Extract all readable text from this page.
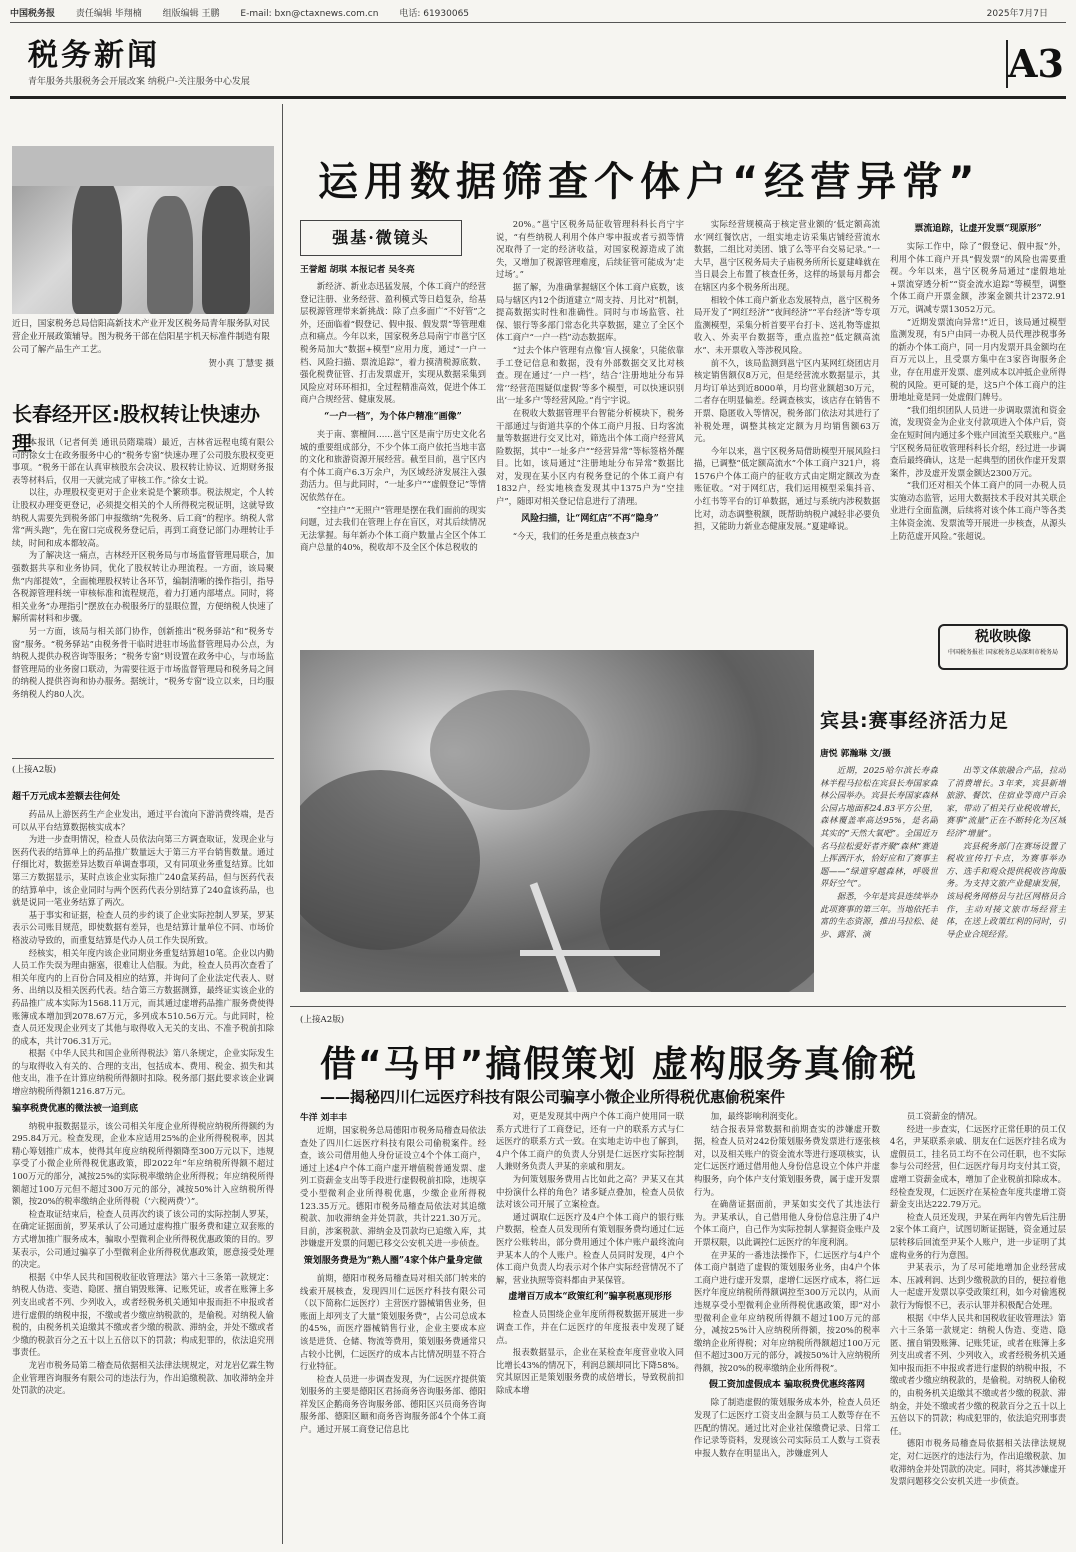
中国税务报 责任编辑 毕翔楠 组版编辑 王鹏 E-mail: bxn@ctaxnews.com.cn 电话: 61930065	2025年7月7日
税务新闻
青年服务共服税务会开展改案 纳税户-关注服务中心发展	A3
近日，国家税务总局信阳高新技术产业开发区税务局青年服务队对民营企业开展政策辅导。图为税务干部在信阳星宇机天标准件制造有限公司了解产品生产工艺。
贺小真 丁慧雯 摄
长春经开区:股权转让快速办理

本报讯（记者何美 通讯员隋瑞瑞）最近，吉林省远程电缆有限公司的徐女士在政务服务中心的“税务专窗”快速办理了公司股东股权变更事项。“税务干部在认真审核股东会决议、股权转让协议、近期财务报表等材料后，仅用一天就完成了审核工作。”徐女士说。

以往，办理股权变更对于企业来说是个繁琐事。税法规定，个人转让股权办理变更登记，必须提交相关的个人所得税完税证明，这就导致纳税人需要先到税务部门申报缴纳“先税务、后工商”的程序。纳税人常常“两头跑”，先在窗口完成税务登记后，再到工商登记部门办理转让手续，时间和成本都较高。

为了解决这一痛点，吉林经开区税务局与市场监督管理局联合，加强数据共享和业务协同，优化了股权转让办理流程。一方面，该局聚焦“内部提效”，全面梳理股权转让各环节，编制清晰的操作指引，指导各税源管理科统一审核标准和流程规范，着力打通内部堵点。同时，将相关业务“办理指引”摆放在办税服务厅的显眼位置，方便纳税人快速了解所需材料和步骤。

另一方面，该局与相关部门协作，创新推出“税务驿站”和“税务专窗”服务。“税务驿站”由税务骨干临时进驻市场监督管理局办公点，为纳税人提供办税咨询等服务；“税务专窗”则设置在政务中心，与市场监督管理局的业务窗口联动，为需要往返于市场监督管理局和税务局之间的纳税人提供咨询和协办服务。据统计，“税务专窗”设立以来，日均服务纳税人约80人次。

(上接A2版)
超千万元成本差额去往何处

药品从上游医药生产企业发出，通过平台流向下游消费终端，是否可以从平台结算数据核实成本？

为进一步查明情况，检查人员依法向第三方调查取证，发现企业与医药代表的结算单上的药品推广数量远大于第三方平台销售数量。通过仔细比对，数据差异达数百单调查事项，又有同项业务重复结算。比如第三方数据显示，某时点该企业实际推广240盒某药品，但与医药代表的结算单中，该企业同时与两个医药代表分别结算了240盒该药品，也就是说同一笔业务结算了两次。

基于事实和证据，检查人员约步约谈了企业实际控制人罗某，罗某表示公司账目规范，即使数据有差异，也是结算计量单位不同、市场价格波动导致的，而重复结算是代办人员工作失误所致。

经核实，相关年度内该企业同期业务重复结算超10笔。企业以内勤人员工作失误为理由搪塞，很难让人信服。为此，检查人员再次查看了相关年度内的上百份合同及相应的结算，并询问了企业法定代表人、财务、出纳以及相关医药代表。结合第三方数据测算，最终证实该企业的药品推广成本实际为1568.11万元，而其通过虚增药品推广服务费使得账簿成本增加到2078.67万元，多列成本510.56万元。与此同时，检查人员还发现企业列支了其他与取得收入无关的支出、不准予税前扣除的成本，共计706.31万元。

根据《中华人民共和国企业所得税法》第八条规定，企业实际发生的与取得收入有关的、合理的支出，包括成本、费用、税金、损失和其他支出，准予在计算应纳税所得额时扣除。税务部门据此要求该企业调增应纳税所得额1216.87万元。

骗享税费优惠的微法被一追到底

纳税申报数据显示，该公司相关年度企业所得税应纳税所得额约为295.84万元。检查发现，企业本应适用25%的企业所得税税率，因其精心筹划推广成本，使得其年度应纳税所得额降至300万元以下，违规享受了小微企业所得税优惠政策，即2022年“年应纳税所得额不超过100万元的部分，减按25%的实际税率缴纳企业所得税；年应纳税所得额超过100万元但不超过300万元的部分，减按50%计入应纳税所得额，按20%的税率缴纳企业所得税（‘六税两费’）”。

检查取证结束后，检查人员再次约谈了该公司的实际控制人罗某，在确定证据面前，罗某承认了公司通过虚构推广服务费和建立双套账的方式增加推广服务成本，骗取小型微利企业所得税优惠政策的目的。罗某表示，公司通过骗享了小型微利企业所得税优惠政策，愿意接受处理的决定。

根据《中华人民共和国税收征收管理法》第六十三条第一款规定：纳税人伪造、变造、隐匿、擅自销毁账簿、记账凭证，或者在账簿上多列支出或者不列、少列收入，或者经税务机关通知申报而拒不申报或者进行虚假的纳税申报，不缴或者少缴应纳税款的，是偷税。对纳税人偷税的，由税务机关追缴其不缴或者少缴的税款、滞纳金，并处不缴或者少缴的税款百分之五十以上五倍以下的罚款；构成犯罪的，依法追究刑事责任。

龙岩市税务局第二稽查局依据相关法律法规规定，对龙岩亿霖生物企业管理咨询服务有限公司的违法行为，作出追缴税款、加收滞纳金并处罚款的决定。

运用数据筛查个体户“经营异常”
强基·微镜头
王誉超 胡琪 本报记者 吴冬亮

新经济、新业态迅猛发展，个体工商户的经营登记注册、业务经营、盈利模式等日趋复杂，给基层税源管理带来新挑战：除了点多面广“不好管”之外，还面临着“假登记、假申报、假发票”等管理难点和痛点。今年以来，国家税务总局南宁市邕宁区税务局加大“数据+模型”应用力度，通过“一户一档、风险扫描、票流追踪”，着力摸清税源底数、强化税费征管、打击发票虚开，实现从数据采集到风险应对环环相扣，全过程精准高效，促进个体工商户合规经营、健康发展。

“一户一档”，为个体户精准“画像”

夹于南、寨檀间……邕宁区是南宁历史文化名城的重要组成部分，不少个体工商户依托当地丰富的文化和旅游资源开展经营。截至目前，邕宁区内有个体工商户6.3万余户，为区域经济发展注入强劲活力。但与此同时，“一址多户”“虚假登记”等情况依然存在。

“空挂户”“无照户”管理是摆在我们面前的现实问题，过去我们在管理上存在盲区，对其后续情况无法掌握。每年新办个体工商户数量占全区个体工商户总量的40%，税收却不及全区个体总税收的

20%。”邕宁区税务局征收管理科科长肖宁宇说，“有些纳税人利用个体户零申报或者亏损等情况取得了一定的经济收益，对国家税源造成了流失，又增加了税源管理难度，后续征管可能成为‘走过场’。”

据了解，为准确掌握辖区个体工商户底数，该局与辖区内12个街道建立“周支持、月比对”机制，提高数据实时性和准确性。同时与市场监管、社保、银行等多部门常态化共享数据，建立了全区个体工商户“一户一档”动态数据库。

“过去个体户管理有点像‘盲人摸象’，只能依靠手工登记信息和数据，没有外部数据交叉比对核查。现在通过‘一户一档’，结合‘注册地址分布异常’‘经营范围疑似虚假’等多个模型，可以快速识别出‘一址多户’等经营风险。”肖宁宇说。

在税收大数据管理平台智能分析模块下，税务干部通过与街道共享的个体工商户月报、日均客流量等数据进行交叉比对，筛选出个体工商户经营风险数据，其中“一址多户”“经营异常”等标签格外醒目。比如，该局通过“注册地址分布异常”数据比对，发现在某小区内有税务登记的个体工商户有1832户，经实地核查发现其中1375户为“空挂户”，随即对相关登记信息进行了清理。

风险扫描，让“网红店”不再“隐身”

“今天，我们的任务是重点核查3户

实际经营规模高于核定营业额的‘低定额高流水’网红餐饮店，一组实地走访采集店铺经营流水数据，二组比对美团、饿了么等平台交易记录。”一大早，邕宁区税务局夫子庙税务所所长夏建峰就在当日晨会上布置了核查任务，这样的场景每月都会在辖区内多个税务所出现。

相较个体工商户新业态发展特点，邕宁区税务局开发了“网红经济”“夜间经济”“平台经济”等专项监测模型，采集分析首要平台打卡、送礼物等虚拟收入、外卖平台数据等，重点监控“低定额高流水”、未开票收入等涉税风险。

前不久，该局监测到邕宁区内某网红烧团店月核定销售额仅8万元，但是经营流水数据显示，其月均订单达到近8000单，月均营业额超30万元，二者存在明显偏差。经调查核实，该店存在销售不开票、隐匿收入等情况，税务部门依法对其进行了补税处理，调整其核定定额为月均销售额63万元。

今年以来，邕宁区税务局借助模型开展风险扫描，已调整“低定额高流水”个体工商户321户，将1576户个体工商户的征收方式由定期定额改为查账征收。“对于网红店，我们运用模型采集抖音、小红书等平台的订单数据，通过与系统内涉税数据比对，动态调整税额，既帮助纳税户减轻非必要负担，又能助力新业态健康发展。”夏建峰说。

票流追踪，让虚开发票“现原形”

实际工作中，除了“假登记、假申报”外，利用个体工商户开具“假发票”的风险也需要重视。今年以来，邕宁区税务局通过“虚假地址+票流穿透分析”“资金流水追踪”等模型，调整个体工商户开票金额，涉案金额共计2372.91万元，调减专票13052万元。

“近期发票流向异常!”近日，该局通过模型监测发现，有5户由同一办税人员代理涉税事务的新办个体工商户，同一月内发票开具金额均在百万元以上，且受票方集中在3家咨询服务企业，存在用虚开发票、虚列成本以冲抵企业所得税的风险。更可疑的是，这5户个体工商户的注册地址竟是同一处虚假门牌号。

“我们组织团队人员进一步调取票流和资金流，发现资金为企业支付款项进入个体户后，资金在短时间内通过多个账户回流至关联账户。”邕宁区税务局征收管理科科长介绍，经过进一步调查后最终确认，这是一起典型的团伙作虚开发票案件，涉及虚开发票金额达2300万元。

“我们还对相关个体工商户的同一办税人员实施动态监管，运用大数据技术手段对其关联企业进行全面监测，后续将对该个体工商户等各类主体资金流、发票流等开展进一步核查，从源头上防范虚开风险。”张超说。

税收映像
中国税务报社 国家税务总局深圳市税务局
宾县:赛事经济活力足
唐悦 郭瀚琳 文/摄

近期，2025哈尔滨长寿森林半程马拉松在宾县长寿国家森林公园举办。宾县长寿国家森林公园占地面积24.83平方公里，森林覆盖率高达95%，是名副其实的“天然大氧吧”。全国近万名马拉松爱好者齐聚“森林”赛道上挥洒汗水，恰好应和了赛事主题——“绿道穿越森林，呼吸世界好空气”。

据悉，今年是宾县连续举办此项赛事的第三年。当地依托丰富的生态资源，推出马拉松、徒步、露营、演

出等文体旅融合产品，拉动了消费增长。3年来，宾县新增旅游、餐饮、住宿业等商户百余家，带动了相关行业税收增长，赛事“流量”正在不断转化为区域经济“增量”。

宾县税务部门在赛场设置了税收宣传打卡点，为赛事举办方、选手和观众提供税收咨询服务。为支持文旅产业健康发展，该局税务网格员与社区网格员合作，主动对接文旅市场经营主体，在送上政策红利的同时，引导企业合规经营。

(上接A2版)
借“马甲”搞假策划 虚构服务真偷税
——揭秘四川仁远医疗科技有限公司骗享小微企业所得税优惠偷税案件
牛洋 刘丰丰

近期，国家税务总局德阳市税务局稽查局依法查处了四川仁远医疗科技有限公司偷税案件。经查，该公司借用他人身份证设立4个个体工商户，通过上述4户个体工商户虚开增值税普通发票、虚列工资薪金支出等手段进行虚假税前扣除，违规享受小型微利企业所得税优惠，少缴企业所得税123.35万元。德阳市税务局稽查局依法对其追缴税款、加收滞纳金并处罚款，共计221.30万元。目前，涉案税款、滞纳金及罚款均已追缴入库，其涉嫌虚开发票的问题已移交公安机关进一步侦查。

策划服务费是为“熟人圈”4家个体户量身定做

前期，德阳市税务局稽查局对相关部门转来的线索开展核查，发现四川仁远医疗科技有限公司（以下简称仁远医疗）主营医疗器械销售业务，但账面上却列支了大量“策划服务费”，占公司总成本的45%，而医疗器械销售行业，企业主要成本应该是进货、仓储、物流等费用，策划服务费通常只占较小比例，仁远医疗的成本占比情况明显不符合行业特征。

检查人员进一步调查发现，为仁远医疗提供策划服务的主要是德阳区君扬商务咨询服务部、德阳祥发区企鹅商务咨询服务部、德阳区兴员商务咨询服务部、德阳区颐和商务咨询服务部4个个体工商户。通过开展工商登记信息比

对，更是发现其中两户个体工商户使用同一联系方式进行了工商登记，还有一户的联系方式与仁远医疗的联系方式一致。在实地走访中也了解到，4户个体工商户的负责人分别是仁远医疗实际控制人兼财务负责人尹某的亲戚和朋友。

为何策划服务费用占比如此之高？尹某又在其中扮演什么样的角色？诸多疑点叠加，检查人员依法对该公司开展了立案检查。

通过调取仁远医疗及4户个体工商户的银行账户数据，检查人员发现所有策划服务费均通过仁远医疗公账转出，部分费用通过个体户账户最终流向尹某本人的个人账户。检查人员同时发现，4户个体工商户负责人均表示对个体户实际经营情况不了解，营业执照等资料都由尹某保管。

虚增百万成本“政策红利”骗享税惠现形形

检查人员围绕企业年度所得税数据开展进一步调查工作，并在仁远医疗的年度报表中发现了疑点。

报表数据显示，企业在某检查年度营业收入同比增长43%的情况下，利润总额却同比下降58%。究其原因正是策划服务费的成倍增长，导致税前扣除成本增

加，最终影响利润变化。

结合报表异常数据和前期查实的涉嫌虚开数据，检查人员对242份策划服务费发票进行逐张核对，以及相关账户的资金流水等进行逐项核实，认定仁远医疗通过借用他人身份信息设立个体户并虚构服务，向个体户支付策划服务费，属于虚开发票行为。

在确凿证据面前，尹某如实交代了其违法行为。尹某承认，自己借用他人身份信息注册了4户个体工商户，自己作为实际控制人掌握资金账户及开票权限，以此调控仁远医疗的年度利润。

在尹某的一番违法操作下，仁远医疗与4户个体工商户制造了虚假的策划服务业务，由4户个体工商户进行虚开发票，虚增仁远医疗成本，将仁远医疗年度应纳税所得额调控至300万元以内，从而违规享受小型微利企业所得税优惠政策，即“对小型微利企业年应纳税所得额不超过100万元的部分，减按25%计入应纳税所得额，按20%的税率缴纳企业所得税；对年应纳税所得额超过100万元但不超过300万元的部分，减按50%计入应纳税所得额，按20%的税率缴纳企业所得税”。

假工资加虚假成本 骗取税费优惠终落网

除了制造虚假的策划服务成本外，检查人员还发现了仁远医疗工资支出金额与员工人数等存在不匹配的情况。通过比对企业社保缴费记录、日常工作记录等资料，发现该公司实际员工人数与工资表申报人数存在明显出入，涉嫌虚列人

员工资薪金的情况。

经进一步查实，仁远医疗正常任职的员工仅4名，尹某联系亲戚、朋友在仁远医疗挂名成为虚假员工，挂名员工均不在公司任职，也不实际参与公司经营，但仁远医疗每月均支付其工资，虚增工资薪金成本，增加了企业税前扣除成本。经检查发现，仁远医疗在某检查年度共虚增工资薪金支出达222.79万元。

检查人员还发现，尹某在两年内曾先后注册2家个体工商户，试图切断证据链，资金通过层层转移后回流至尹某个人账户，进一步证明了其虚构业务的行为意图。

尹某表示，为了尽可能地增加企业经营成本、压减利润、达到少缴税款的目的，便拉着他人一起虚开发票以享受政策红利，如今对偷逃税款行为悔恨不已，表示认罪并积极配合处理。

根据《中华人民共和国税收征收管理法》第六十三条第一款规定：纳税人伪造、变造、隐匿、擅自销毁账簿、记账凭证，或者在账簿上多列支出或者不列、少列收入，或者经税务机关通知申报而拒不申报或者进行虚假的纳税申报，不缴或者少缴应纳税款的，是偷税。对纳税人偷税的，由税务机关追缴其不缴或者少缴的税款、滞纳金，并处不缴或者少缴的税款百分之五十以上五倍以下的罚款；构成犯罪的，依法追究刑事责任。

德阳市税务局稽查局依据相关法律法规规定，对仁远医疗的违法行为，作出追缴税款、加收滞纳金并处罚款的决定。同时，将其涉嫌虚开发票问题移交公安机关进一步侦查。
